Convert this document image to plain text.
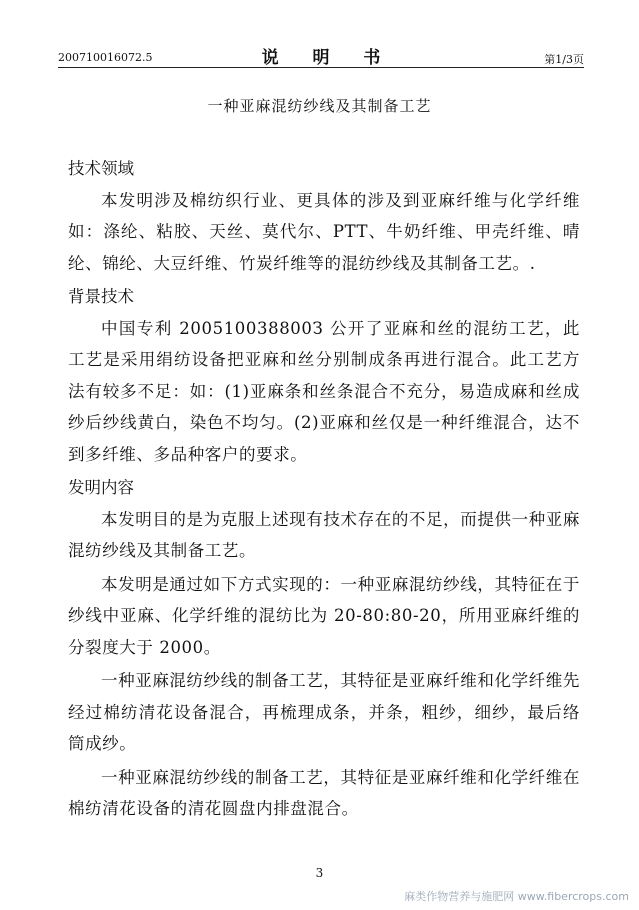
200710016072.5	说 明 书	第1/3页
一种亚麻混纺纱线及其制备工艺

技术领域

本发明涉及棉纺织行业、更具体的涉及到亚麻纤维与化学纤维如：涤纶、粘胶、天丝、莫代尔、PTT、牛奶纤维、甲壳纤维、晴纶、锦纶、大豆纤维、竹炭纤维等的混纺纱线及其制备工艺。.

背景技术

中国专利 200510038800З 公开了亚麻和丝的混纺工艺，此工艺是采用绢纺设备把亚麻和丝分别制成条再进行混合。此工艺方法有较多不足：如：(1)亚麻条和丝条混合不充分，易造成麻和丝成纱后纱线黄白，染色不均匀。(2)亚麻和丝仅是一种纤维混合，达不到多纤维、多品种客户的要求。

发明内容

本发明目的是为克服上述现有技术存在的不足，而提供一种亚麻混纺纱线及其制备工艺。

本发明是通过如下方式实现的：一种亚麻混纺纱线，其特征在于纱线中亚麻、化学纤维的混纺比为 20-80:80-20，所用亚麻纤维的分裂度大于 2000。

一种亚麻混纺纱线的制备工艺，其特征是亚麻纤维和化学纤维先经过棉纺清花设备混合，再梳理成条，并条，粗纱，细纱，最后络筒成纱。

一种亚麻混纺纱线的制备工艺，其特征是亚麻纤维和化学纤维在棉纺清花设备的清花圆盘内排盘混合。

3
麻类作物营养与施肥网 www.fibercrops.com
